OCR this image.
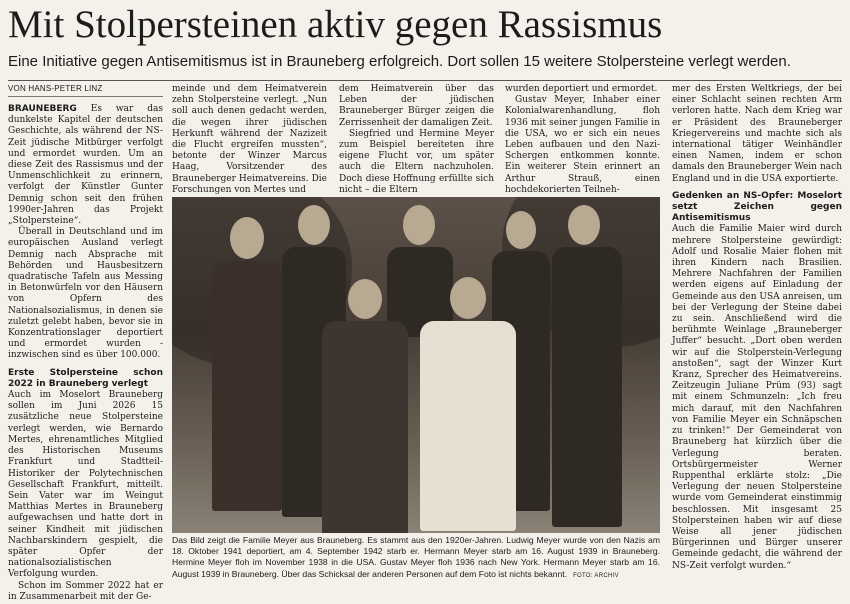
Mit Stolpersteinen aktiv gegen Rassismus
Eine Initiative gegen Antisemitismus ist in Brauneberg erfolgreich. Dort sollen 15 weitere Stolpersteine verlegt werden.
VON HANS-PETER LINZ

BRAUNEBERG Es war das dunkelste Kapitel der deutschen Geschichte, als während der NS-Zeit jüdische Mitbürger verfolgt und ermordet wurden. Um an diese Zeit des Rassismus und der Unmenschlichkeit zu erinnern, verfolgt der Künstler Gunter Demnig schon seit den frühen 1990er-Jahren das Projekt „Stolpersteine“.

Überall in Deutschland und im europäischen Ausland verlegt Demnig nach Absprache mit Behörden und Hausbesitzern quadratische Tafeln aus Messing in Betonwürfeln vor den Häusern von Opfern des Nationalsozialismus, in denen sie zuletzt gelebt haben, bevor sie in Konzentrationslager deportiert und ermordet wurden - inzwischen sind es über 100.000.

Erste Stolpersteine schon 2022 in Brauneberg verlegt

Auch im Moselort Brauneberg sollen im Juni 2026 15 zusätzliche neue Stolpersteine verlegt werden, wie Bernardo Mertes, ehrenamtliches Mitglied des Historischen Museums Frankfurt und Stadtteil-Historiker der Polytechnischen Gesellschaft Frankfurt, mitteilt. Sein Vater war im Weingut Matthias Mertes in Brauneberg aufgewachsen und hatte dort in seiner Kindheit mit jüdischen Nachbarskindern gespielt, die später Opfer der nationalsozialistischen Verfolgung wurden.

Schon im Sommer 2022 hat er in Zusammenarbeit mit der Ge-

meinde und dem Heimatverein zehn Stolpersteine verlegt. „Nun soll auch denen gedacht werden, die wegen ihrer jüdischen Herkunft während der Nazizeit die Flucht ergreifen mussten“, betonte der Winzer Marcus Haag, Vorsitzender des Brauneberger Heimatvereins. Die Forschungen von Mertes und

dem Heimatverein über das Leben der jüdischen Brauneberger Bürger zeigen die Zerrissenheit der damaligen Zeit.

Siegfried und Hermine Meyer zum Beispiel bereiteten ihre eigene Flucht vor, um später auch die Eltern nachzuholen. Doch diese Hoffnung erfüllte sich nicht – die Eltern

wurden deportiert und ermordet.

Gustav Meyer, Inhaber einer Kolonialwarenhandlung, floh 1936 mit seiner jungen Familie in die USA, wo er sich ein neues Leben aufbauen und den Nazi-Schergen entkommen konnte. Ein weiterer Stein erinnert an Arthur Strauß, einen hochdekorierten Teilneh-

mer des Ersten Weltkriegs, der bei einer Schlacht seinen rechten Arm verloren hatte. Nach dem Krieg war er Präsident des Brauneberger Kriegervereins und machte sich als international tätiger Weinhändler einen Namen, indem er schon damals den Brauneberger Wein nach England und in die USA exportierte.

Gedenken an NS-Opfer: Moselort setzt Zeichen gegen Antisemitismus

Auch die Familie Maier wird durch mehrere Stolpersteine gewürdigt: Adolf und Rosalie Maier flohen mit ihren Kindern nach Brasilien. Mehrere Nachfahren der Familien werden eigens auf Einladung der Gemeinde aus den USA anreisen, um bei der Verlegung der Steine dabei zu sein. Anschließend wird die berühmte Weinlage „Brauneberger Juffer“ besucht. „Dort oben werden wir auf die Stolperstein-Verlegung anstoßen“, sagt der Winzer Kurt Kranz, Sprecher des Heimatvereins. Zeitzeugin Juliane Prüm (93) sagt mit einem Schmunzeln: „Ich freu mich darauf, mit den Nachfahren von Familie Meyer ein Schnäpschen zu trinken!“ Der Gemeinderat von Brauneberg hat kürzlich über die Verlegung beraten. Ortsbürgermeister Werner Ruppenthal erklärte stolz: „Die Verlegung der neuen Stolpersteine wurde vom Gemeinderat einstimmig beschlossen. Mit insgesamt 25 Stolpersteinen haben wir auf diese Weise all jener jüdischen Bürgerinnen und Bürger unserer Gemeinde gedacht, die während der NS-Zeit verfolgt wurden.“

Das Bild zeigt die Familie Meyer aus Brauneberg. Es stammt aus den 1920er-Jahren. Ludwig Meyer wurde von den Nazis am 18. Oktober 1941 deportiert, am 4. September 1942 starb er. Hermann Meyer starb am 16. August 1939 in Brauneberg. Hermine Meyer floh im November 1938 in die USA. Gustav Meyer floh 1936 nach New York. Hermann Meyer starb am 16. August 1939 in Brauneberg. Über das Schicksal der anderen Personen auf dem Foto ist nichts bekannt. FOTO: ARCHIV
